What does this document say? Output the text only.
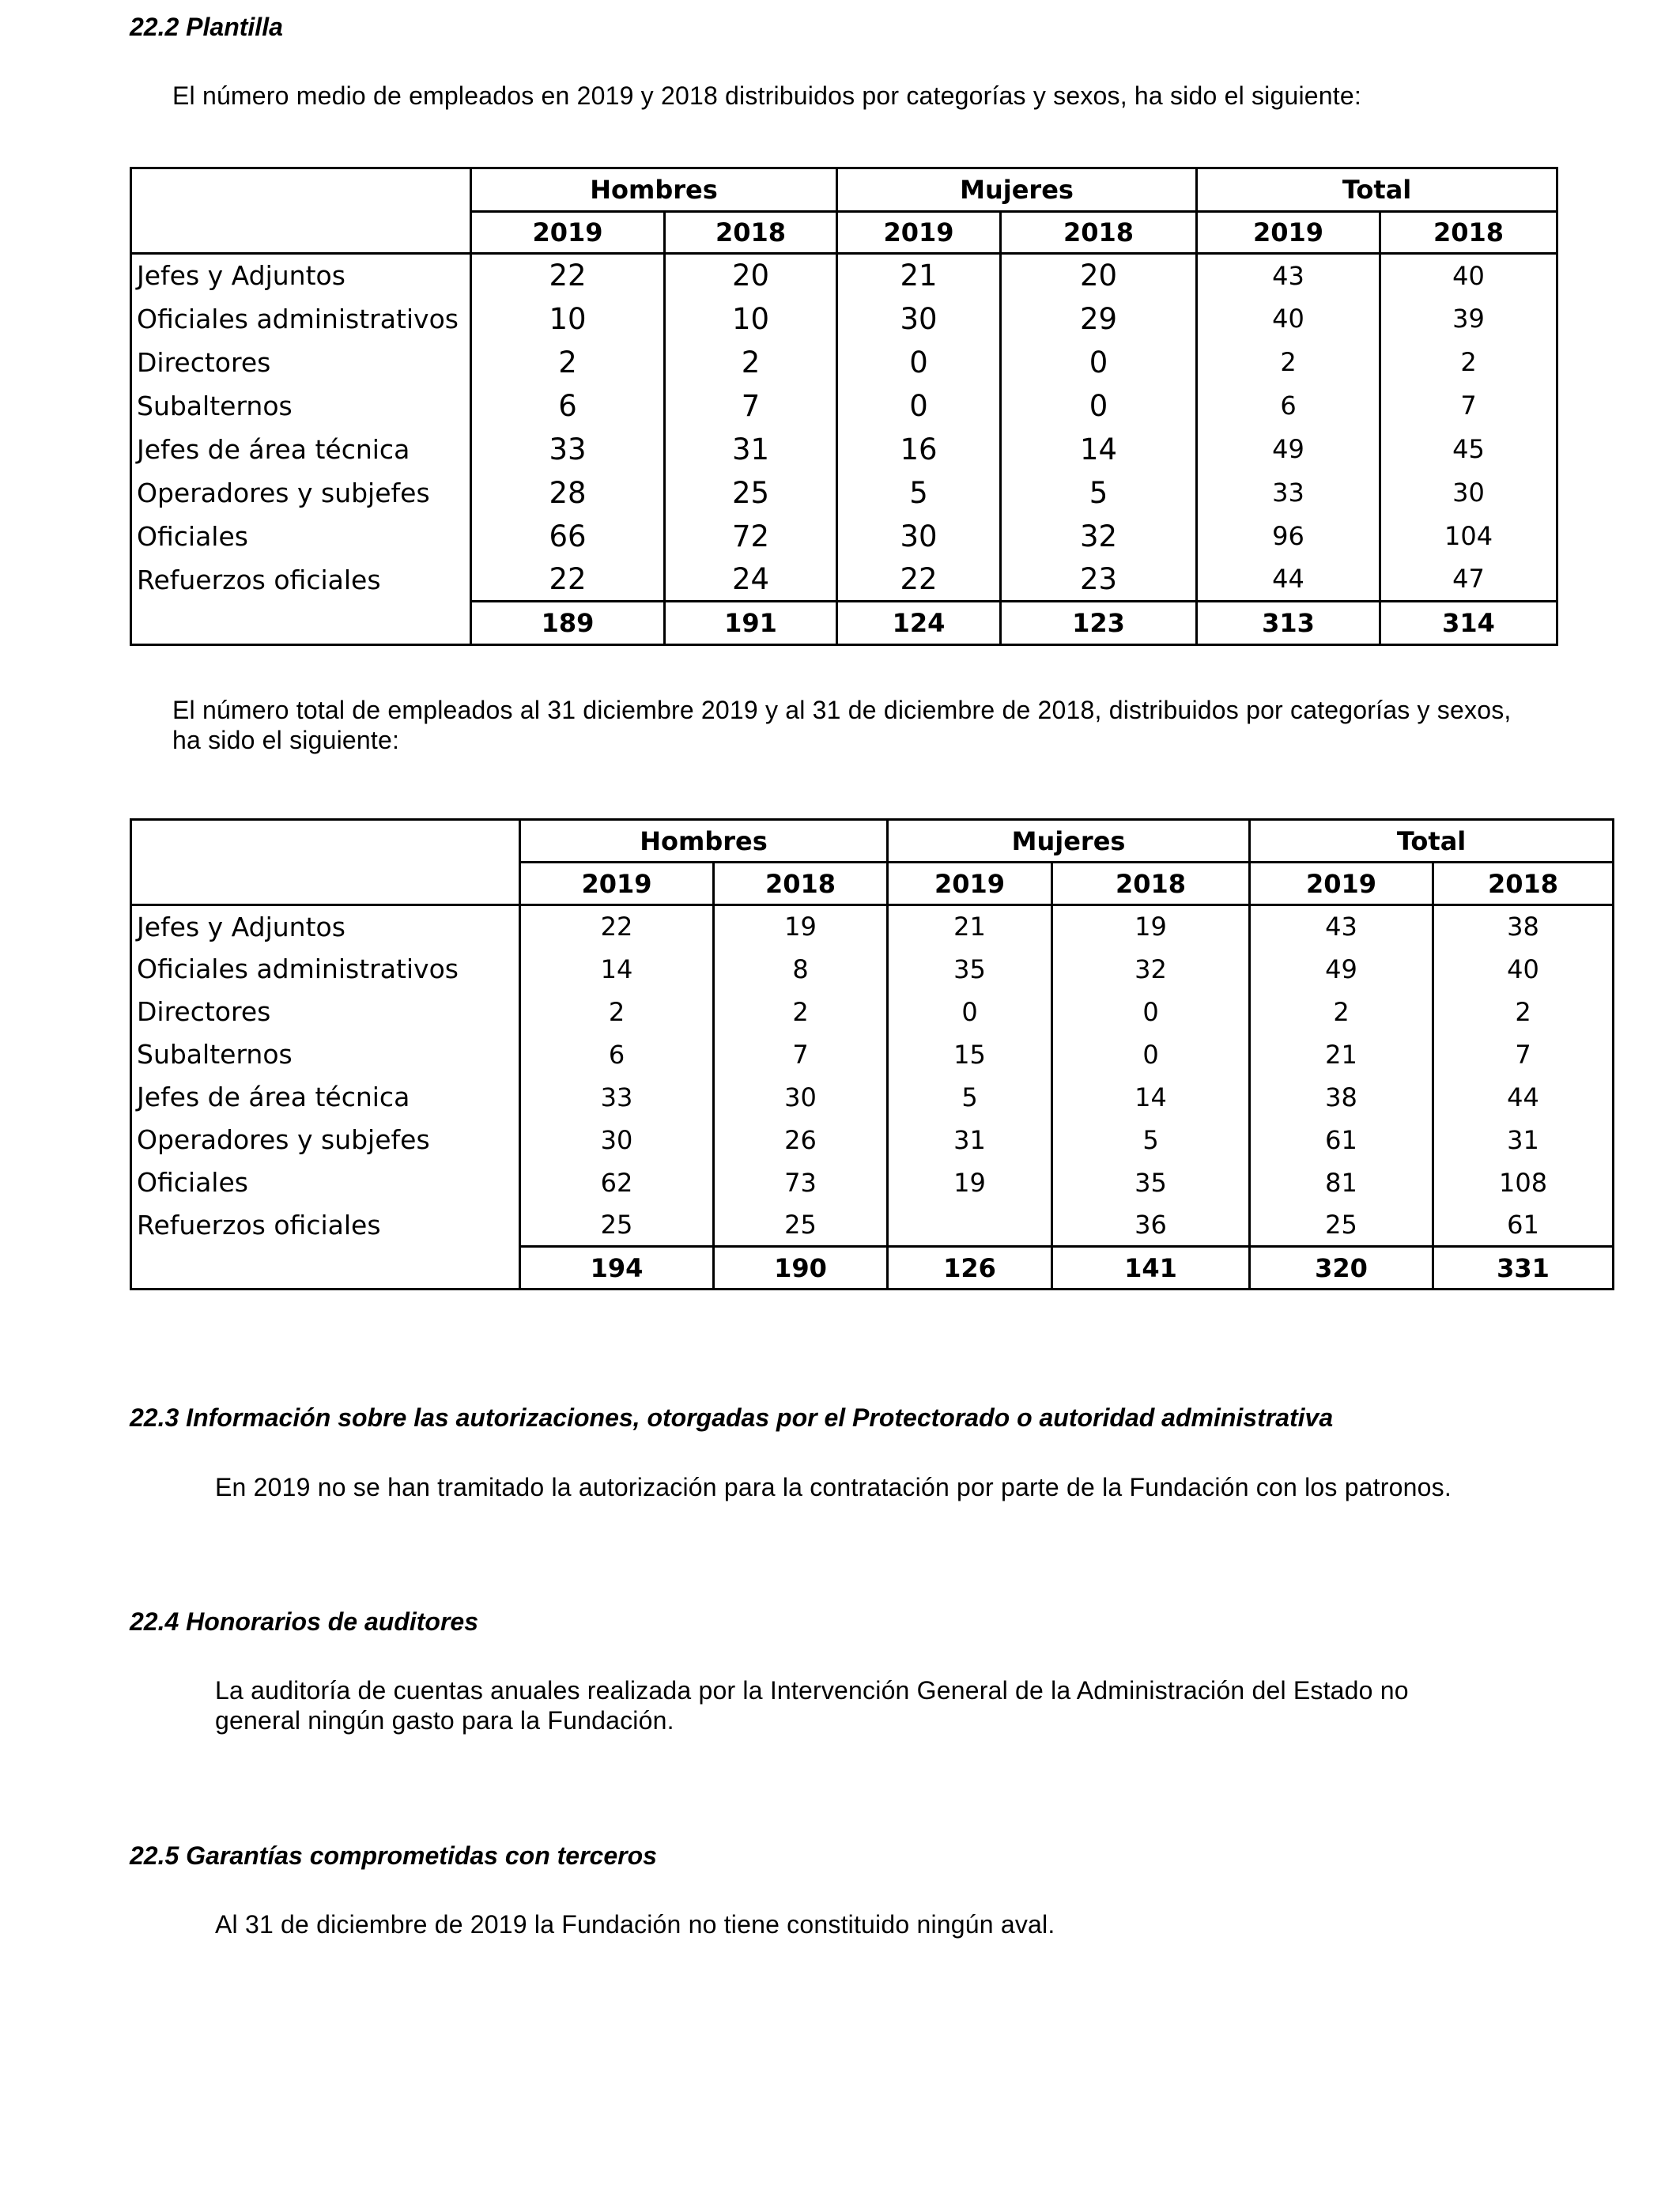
22.2 Plantilla
El número medio de empleados en 2019 y 2018 distribuidos por categorías y sexos, ha sido el siguiente:
	Hombres		Mujeres		Total	
	2019	2018	2019	2018	2019	2018
Jefes y Adjuntos	22	20	21	20	43	40
Oficiales administrativos	10	10	30	29	40	39
Directores	2	2	0	0	2	2
Subalternos	6	7	0	0	6	7
Jefes de área técnica	33	31	16	14	49	45
Operadores y subjefes	28	25	5	5	33	30
Oficiales	66	72	30	32	96	104
Refuerzos oficiales	22	24	22	23	44	47
	189	191	124	123	313	314
El número total de empleados al 31 diciembre 2019 y al 31 de diciembre de 2018, distribuidos por categorías y sexos, ha sido el siguiente:
	Hombres		Mujeres		Total	
	2019	2018	2019	2018	2019	2018
Jefes y Adjuntos	22	19	21	19	43	38
Oficiales administrativos	14	8	35	32	49	40
Directores	2	2	0	0	2	2
Subalternos	6	7	15	0	21	7
Jefes de área técnica	33	30	5	14	38	44
Operadores y subjefes	30	26	31	5	61	31
Oficiales	62	73	19	35	81	108
Refuerzos oficiales	25	25		36	25	61
	194	190	126	141	320	331
22.3 Información sobre las autorizaciones, otorgadas por el Protectorado o autoridad administrativa
En 2019 no se han tramitado la autorización para la contratación por parte de la Fundación con los patronos.
22.4 Honorarios de auditores
La auditoría de cuentas anuales realizada por la Intervención General de la Administración del Estado no
general ningún gasto para la Fundación.
22.5 Garantías comprometidas con terceros
Al 31 de diciembre de 2019 la Fundación no tiene constituido ningún aval.
